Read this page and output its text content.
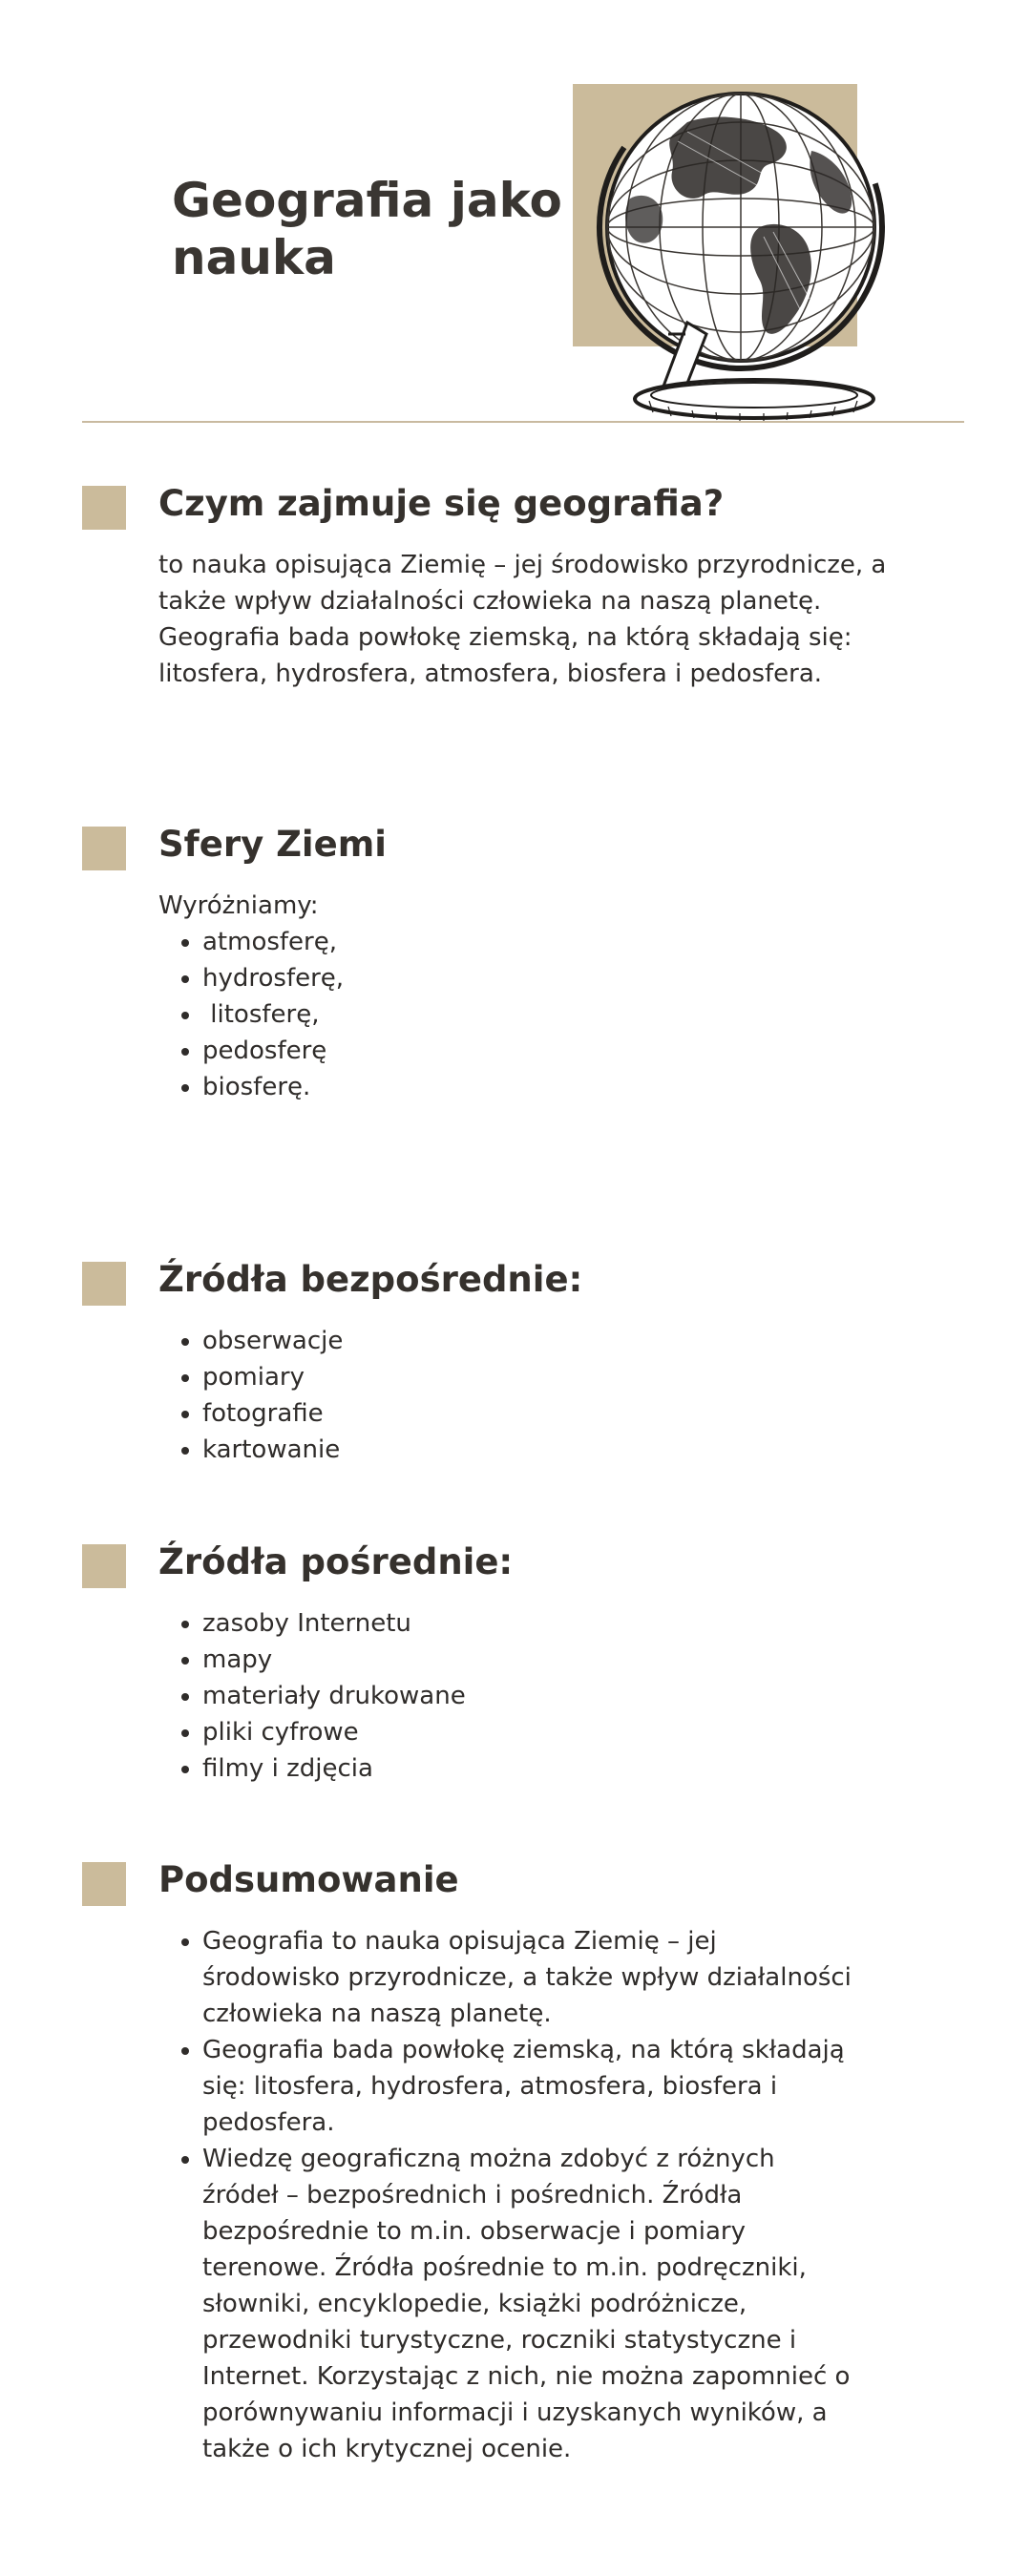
Geografia jako nauka
Czym zajmuje się geografia?

to nauka opisująca Ziemię – jej środowisko przyrodnicze, a także wpływ działalności człowieka na naszą planetę. Geografia bada powłokę ziemską, na którą składają się: litosfera, hydrosfera, atmosfera, biosfera i pedosfera.

Sfery Ziemi

Wyróżniamy:

• atmosferę,
• hydrosferę,
•  litosferę,
• pedosferę
• biosferę.
Źródła bezpośrednie:
• obserwacje
• pomiary
• fotografie
• kartowanie
Źródła pośrednie:
• zasoby Internetu
• mapy
• materiały drukowane
• pliki cyfrowe
• filmy i zdjęcia
Podsumowanie
• Geografia to nauka opisująca Ziemię – jej środowisko przyrodnicze, a także wpływ działalności człowieka na naszą planetę.
• Geografia bada powłokę ziemską, na którą składają się: litosfera, hydrosfera, atmosfera, biosfera i pedosfera.
• Wiedzę geograficzną można zdobyć z różnych źródeł – bezpośrednich i pośrednich. Źródła bezpośrednie to m.in. obserwacje i pomiary terenowe. Źródła pośrednie to m.in. podręczniki, słowniki, encyklopedie, książki podróżnicze, przewodniki turystyczne, roczniki statystyczne i Internet. Korzystając z nich, nie można zapomnieć o porównywaniu informacji i uzyskanych wyników, a także o ich krytycznej ocenie.
